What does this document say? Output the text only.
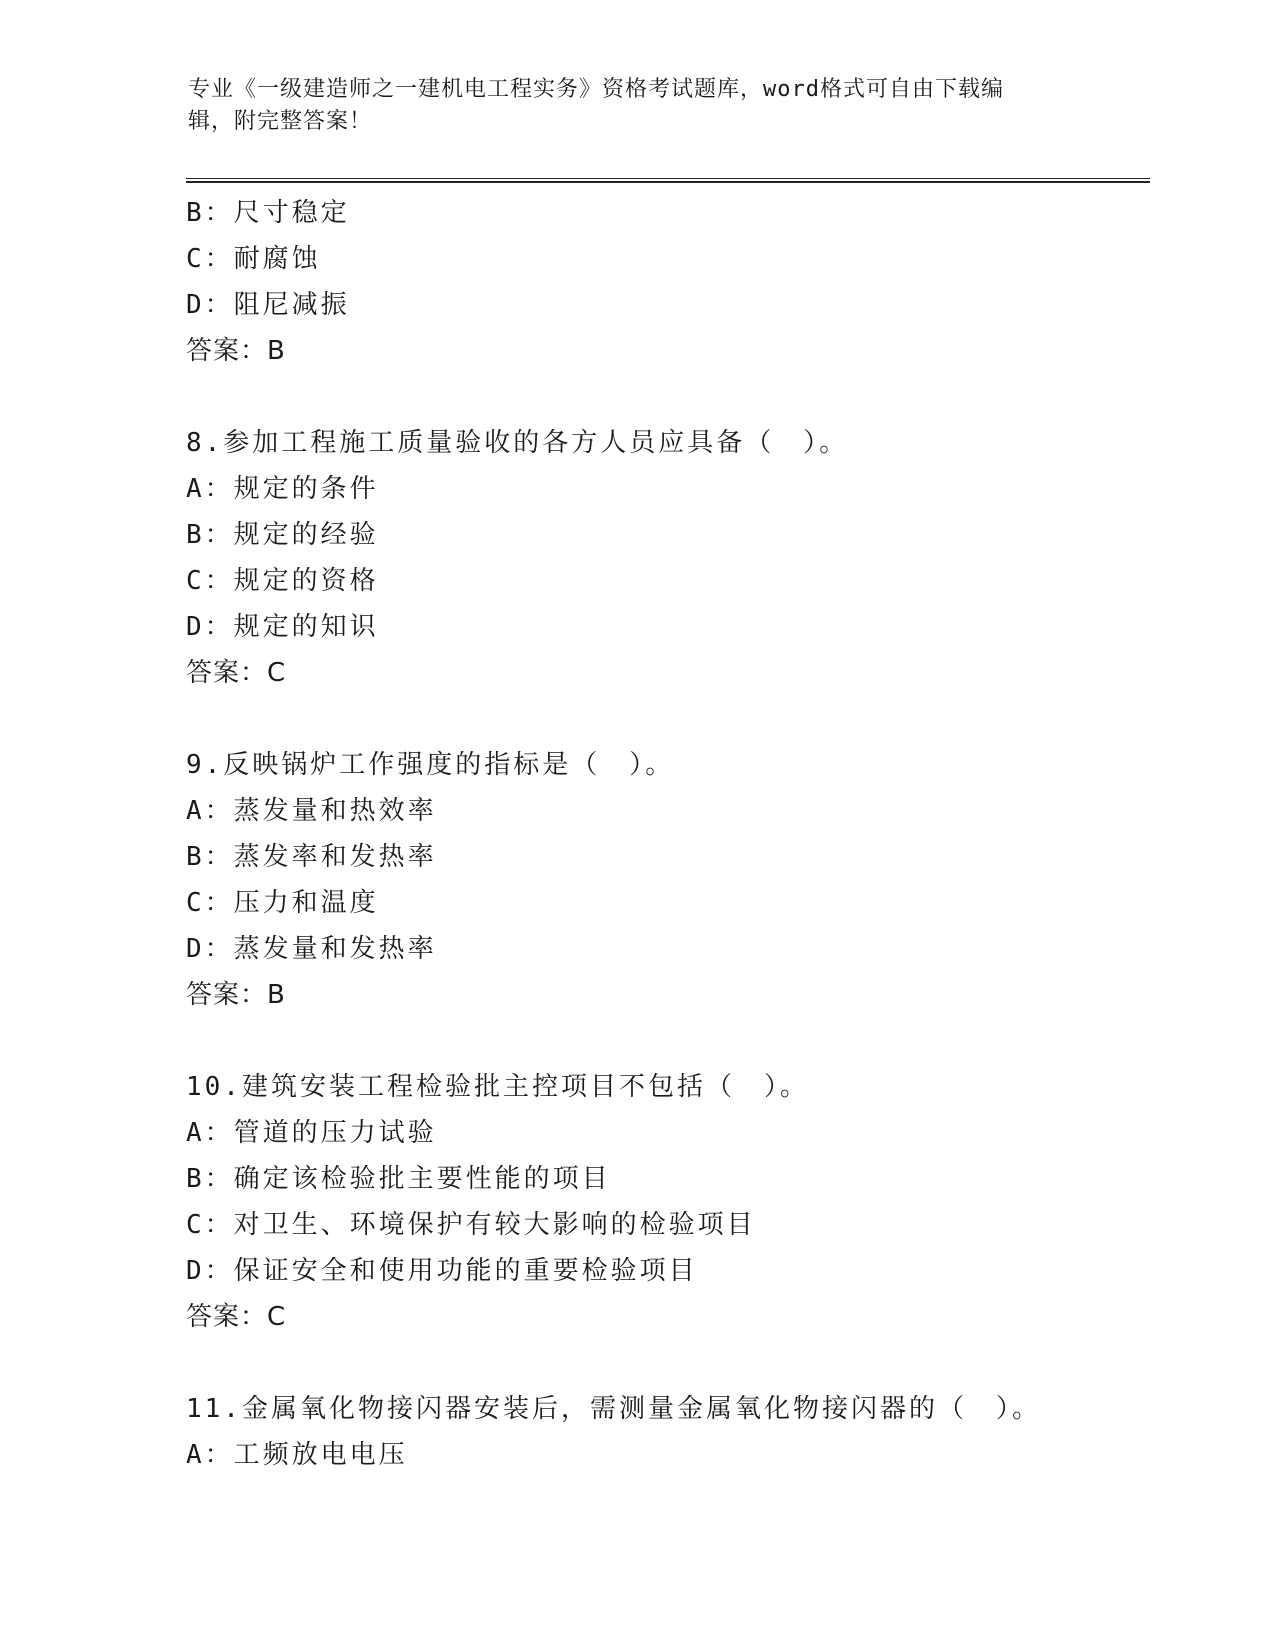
专业《一级建造师之一建机电工程实务》资格考试题库，word格式可自由下载编
辑，附完整答案！
B：尺寸稳定
C：耐腐蚀
D：阻尼减振
答案：B
8.参加工程施工质量验收的各方人员应具备（　）。
A：规定的条件
B：规定的经验
C：规定的资格
D：规定的知识
答案：C
9.反映锅炉工作强度的指标是（　）。
A：蒸发量和热效率
B：蒸发率和发热率
C：压力和温度
D：蒸发量和发热率
答案：B
10.建筑安装工程检验批主控项目不包括（　）。
A：管道的压力试验
B：确定该检验批主要性能的项目
C：对卫生、环境保护有较大影响的检验项目
D：保证安全和使用功能的重要检验项目
答案：C
11.金属氧化物接闪器安装后，需测量金属氧化物接闪器的（　）。
A：工频放电电压
